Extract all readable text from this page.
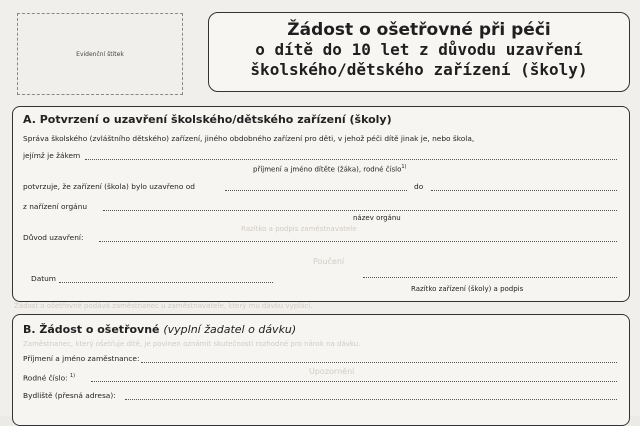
Evidenční štítek
Žádost o ošetřovné při péči
o dítě do 10 let z důvodu uzavření
školského/dětského zařízení (školy)
A. Potvrzení o uzavření školského/dětského zařízení (školy)
Správa školského (zvláštního dětského) zařízení, jiného obdobného zařízení pro děti, v jehož péči dítě jinak je, nebo škola,
jejímž je žákem
příjmení a jméno dítěte (žáka), rodné číslo$^{1)}$
potvrzuje, že zařízení (škola) bylo uzavřeno od	do
z nařízení orgánu
název orgánu
Razítko a podpis zaměstnavatele
Důvod uzavření:
Poučení
Datum
Razítko zařízení (školy) a podpis
Žádost o ošetřovné podává zaměstnanec u zaměstnavatele, který mu dávku vyplácí.
B. Žádost o ošetřovné (vyplní žadatel o dávku)
Zaměstnanec, který ošetřuje dítě, je povinen oznámit skutečnosti rozhodné pro nárok na dávku.
Příjmení a jméno zaměstnance:
Rodné číslo: $^{1)}$	Upozornění
Bydliště (přesná adresa):
